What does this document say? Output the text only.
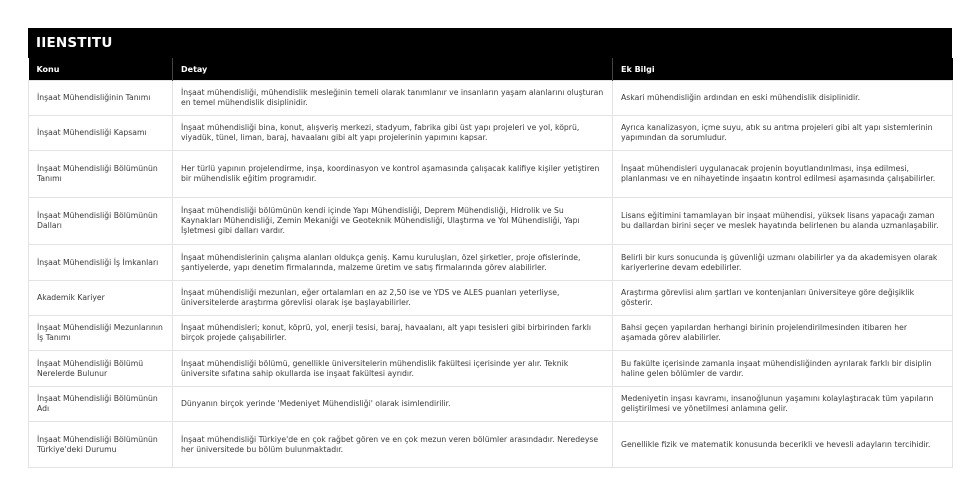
IIENSTITU
Konu	Detay	Ek Bilgi
İnşaat Mühendisliğinin Tanımı	İnşaat mühendisliği, mühendislik mesleğinin temeli olarak tanımlanır ve insanların yaşam alanlarını oluşturan en temel mühendislik disiplinidir.	Askari mühendisliğin ardından en eski mühendislik disiplinidir.
İnşaat Mühendisliği Kapsamı	İnşaat mühendisliği bina, konut, alışveriş merkezi, stadyum, fabrika gibi üst yapı projeleri ve yol, köprü, viyadük, tünel, liman, baraj, havaalanı gibi alt yapı projelerinin yapımını kapsar.	Ayrıca kanalizasyon, içme suyu, atık su arıtma projeleri gibi alt yapı sistemlerinin yapımından da sorumludur.
İnşaat Mühendisliği Bölümünün Tanımı	Her türlü yapının projelendirme, inşa, koordinasyon ve kontrol aşamasında çalışacak kalifiye kişiler yetiştiren bir mühendislik eğitim programıdır.	İnşaat mühendisleri uygulanacak projenin boyutlandırılması, inşa edilmesi, planlanması ve en nihayetinde inşaatın kontrol edilmesi aşamasında çalışabilirler.
İnşaat Mühendisliği Bölümünün Dalları	İnşaat mühendisliği bölümünün kendi içinde Yapı Mühendisliği, Deprem Mühendisliği, Hidrolik ve Su Kaynakları Mühendisliği, Zemin Mekaniği ve Geoteknik Mühendisliği, Ulaştırma ve Yol Mühendisliği, Yapı İşletmesi gibi dalları vardır.	Lisans eğitimini tamamlayan bir inşaat mühendisi, yüksek lisans yapacağı zaman bu dallardan birini seçer ve meslek hayatında belirlenen bu alanda uzmanlaşabilir.
İnşaat Mühendisliği İş İmkanları	İnşaat mühendislerinin çalışma alanları oldukça geniş. Kamu kuruluşları, özel şirketler, proje ofislerinde, şantiyelerde, yapı denetim firmalarında, malzeme üretim ve satış firmalarında görev alabilirler.	Belirli bir kurs sonucunda iş güvenliği uzmanı olabilirler ya da akademisyen olarak kariyerlerine devam edebilirler.
Akademik Kariyer	İnşaat mühendisliği mezunları, eğer ortalamları en az 2,50 ise ve YDS ve ALES puanları yeterliyse, üniversitelerde araştırma görevlisi olarak işe başlayabilirler.	Araştırma görevlisi alım şartları ve kontenjanları üniversiteye göre değişiklik gösterir.
İnşaat Mühendisliği Mezunlarının İş Tanımı	İnşaat mühendisleri; konut, köprü, yol, enerji tesisi, baraj, havaalanı, alt yapı tesisleri gibi birbirinden farklı birçok projede çalışabilirler.	Bahsi geçen yapılardan herhangi birinin projelendirilmesinden itibaren her aşamada görev alabilirler.
İnşaat Mühendisliği Bölümü Nerelerde Bulunur	İnşaat mühendisliği bölümü, genellikle üniversitelerin mühendislik fakültesi içerisinde yer alır. Teknik üniversite sıfatına sahip okullarda ise inşaat fakültesi ayrıdır.	Bu fakülte içerisinde zamanla inşaat mühendisliğinden ayrılarak farklı bir disiplin haline gelen bölümler de vardır.
İnşaat Mühendisliği Bölümünün Adı	Dünyanın birçok yerinde 'Medeniyet Mühendisliği' olarak isimlendirilir.	Medeniyetin inşası kavramı, insanoğlunun yaşamını kolaylaştıracak tüm yapıların geliştirilmesi ve yönetilmesi anlamına gelir.
İnşaat Mühendisliği Bölümünün Türkiye'deki Durumu	İnşaat mühendisliği Türkiye'de en çok rağbet gören ve en çok mezun veren bölümler arasındadır. Neredeyse her üniversitede bu bölüm bulunmaktadır.	Genellikle fizik ve matematik konusunda becerikli ve hevesli adayların tercihidir.
